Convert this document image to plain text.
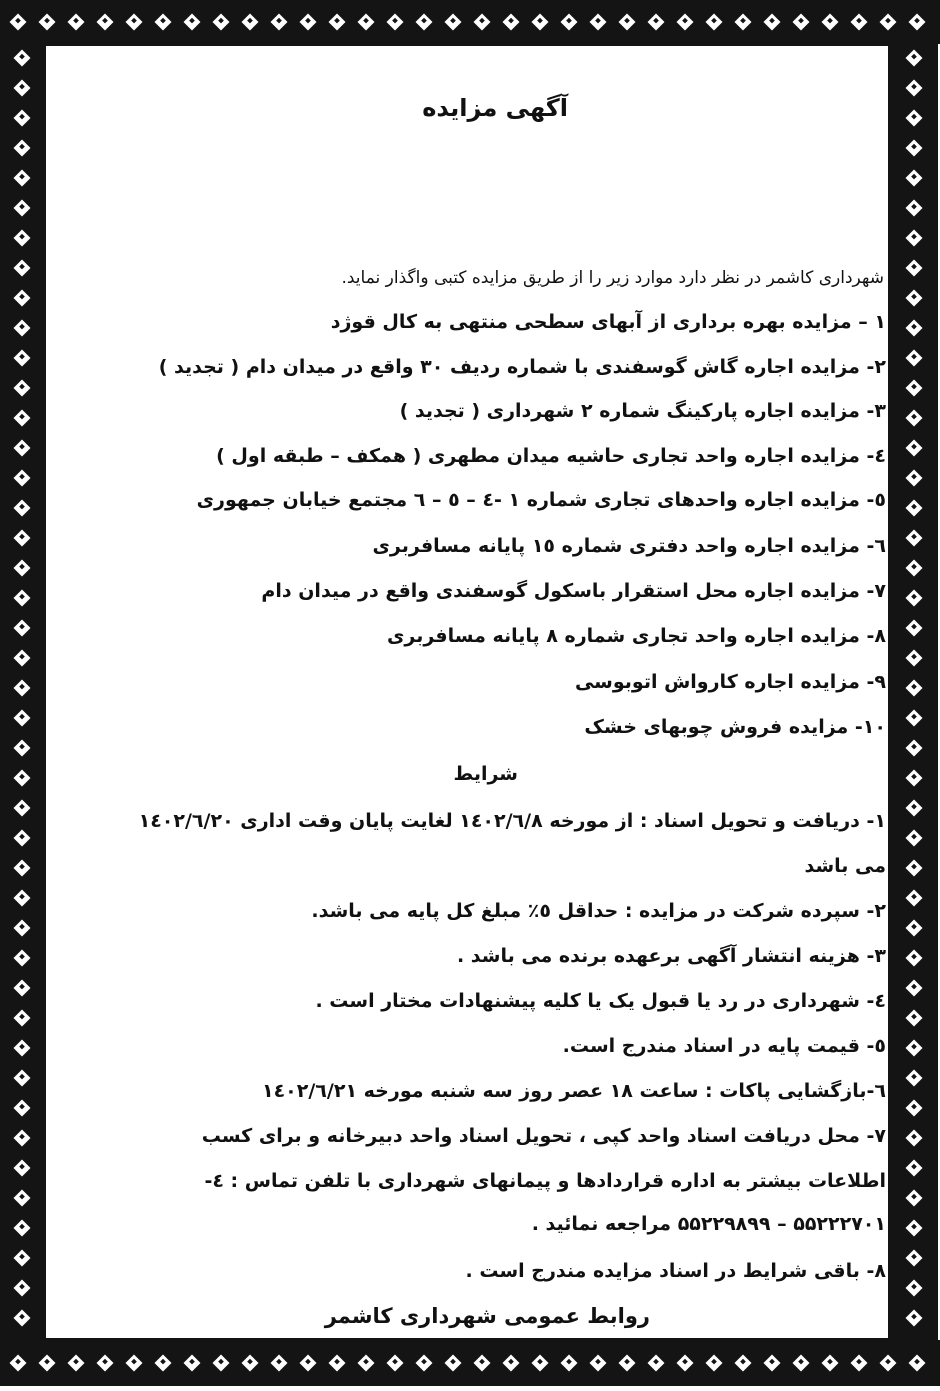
آگهی مزایده
شهرداری کاشمر در نظر دارد موارد زیر را از طریق مزایده کتبی واگذار نماید.
۱ – مزایده بهره برداری از آبهای سطحی منتهی به کال قوژد
۲- مزایده اجاره گاش گوسفندی با شماره ردیف ۳۰ واقع در میدان دام ( تجدید )
۳- مزایده اجاره پارکینگ شماره ۲ شهرداری ( تجدید )
٤- مزایده اجاره واحد تجاری حاشیه میدان مطهری ( همکف – طبقه اول )
٥- مزایده اجاره واحدهای تجاری شماره ۱ -٤ – ٥ – ٦ مجتمع خیابان جمهوری
٦- مزایده اجاره واحد دفتری شماره ۱٥ پایانه مسافربری
۷- مزایده اجاره محل استقرار باسکول گوسفندی واقع در میدان دام
۸- مزایده اجاره واحد تجاری شماره ۸ پایانه مسافربری
۹- مزایده اجاره کارواش اتوبوسی
۱۰- مزایده فروش چوبهای خشک
شرایط
۱- دریافت و تحویل اسناد : از مورخه ۱٤۰۲/٦/۸ لغایت پایان وقت اداری ۱٤۰۲/٦/۲۰
می باشد
۲- سپرده شرکت در مزایده : حداقل ٥٪ مبلغ کل پایه می باشد.
۳- هزینه انتشار آگهی برعهده برنده می باشد .
٤- شهرداری در رد یا قبول یک یا کلیه پیشنهادات مختار است .
٥- قیمت پایه در اسناد مندرج است.
٦-بازگشایی پاکات : ساعت ۱۸ عصر روز سه شنبه مورخه ۱٤۰۲/٦/۲۱
۷- محل دریافت اسناد واحد کپی ، تحویل اسناد واحد دبیرخانه و برای کسب
اطلاعات بیشتر به اداره قراردادها و پیمانهای شهرداری با تلفن تماس : ٤-
۵۵۲۲۲۷۰۱ – ۵۵۲۲۹۸۹۹ مراجعه نمائید .
۸- باقی شرایط در اسناد مزایده مندرج است .
روابط عمومی شهرداری کاشمر
